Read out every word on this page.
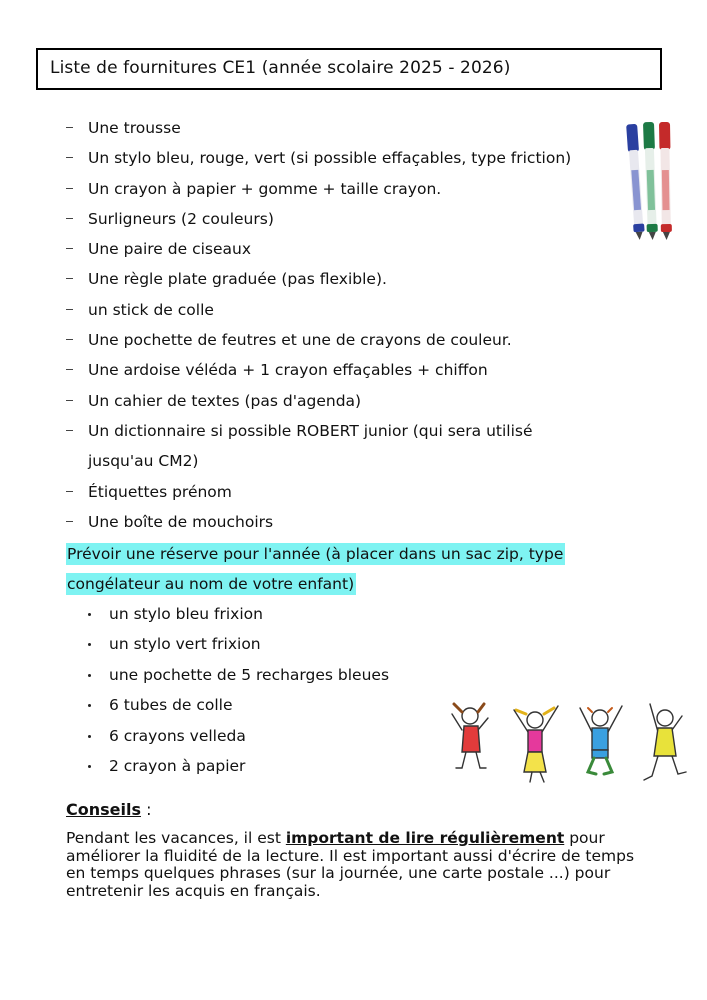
Liste de fournitures CE1 (année scolaire 2025 - 2026)
Une trousse
Un stylo bleu, rouge, vert (si possible effaçables, type friction)
Un crayon à papier + gomme + taille crayon.
Surligneurs (2 couleurs)
Une paire de ciseaux
Une règle plate graduée (pas flexible).
un stick de colle
Une pochette de feutres et une de crayons de couleur.
Une ardoise véléda + 1 crayon effaçables + chiffon
Un cahier de textes (pas d'agenda)
Un dictionnaire si possible ROBERT junior (qui sera utilisé
jusqu'au CM2)
Étiquettes prénom
Une boîte de mouchoirs
Prévoir une réserve pour l'année (à placer dans un sac zip, type
congélateur au nom de votre enfant)
un stylo bleu frixion
un stylo vert frixion
une pochette de 5 recharges bleues
6 tubes de colle
6 crayons velleda
2 crayon à papier
Conseils :
Pendant les vacances, il est important de lire régulièrement pour améliorer la fluidité de la lecture. Il est important aussi d'écrire de temps en temps quelques phrases (sur la journée, une carte postale ...) pour entretenir les acquis en français.
